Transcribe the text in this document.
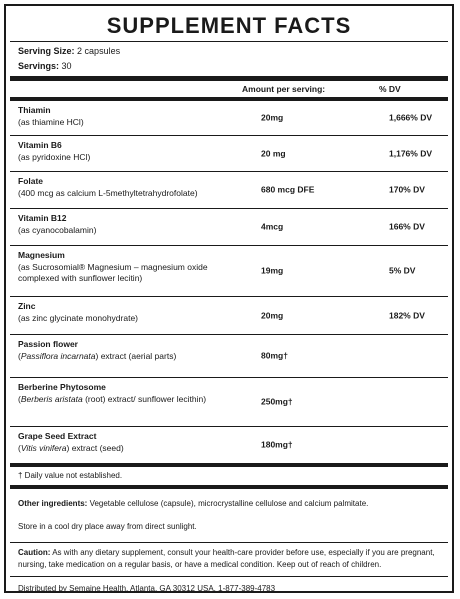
SUPPLEMENT FACTS
Serving Size: 2 capsules
Servings: 30
Amount per serving:	% DV
Thiamin
(as thiamine HCl)	20mg	1,666% DV
Vitamin B6
(as pyridoxine HCl)	20 mg	1,176% DV
Folate
(400 mcg as calcium L-5methyltetrahydrofolate)	680 mcg DFE	170% DV
Vitamin B12
(as cyanocobalamin)	4mcg	166% DV
Magnesium
(as Sucrosomial® Magnesium – magnesium oxide complexed with sunflower lecitin)
19mg	5% DV
Zinc
(as zinc glycinate monohydrate)	20mg	182% DV
Passion flower
(Passiflora incarnata) extract (aerial parts)	80mg†
Berberine Phytosome
(Berberis aristata (root) extract/ sunflower lecithin)	250mg†
Grape Seed Extract
(Vitis vinifera) extract (seed)	180mg†
† Daily value not established.
Other ingredients: Vegetable cellulose (capsule), microcrystalline cellulose and calcium palmitate.
Store in a cool dry place away from direct sunlight.
Caution: As with any dietary supplement, consult your health-care provider before use, especially if you are pregnant, nursing, take medication on a regular basis, or have a medical condition. Keep out of reach of children.
Distributed by Semaine Health, Atlanta, GA 30312 USA, 1-877-389-4783
